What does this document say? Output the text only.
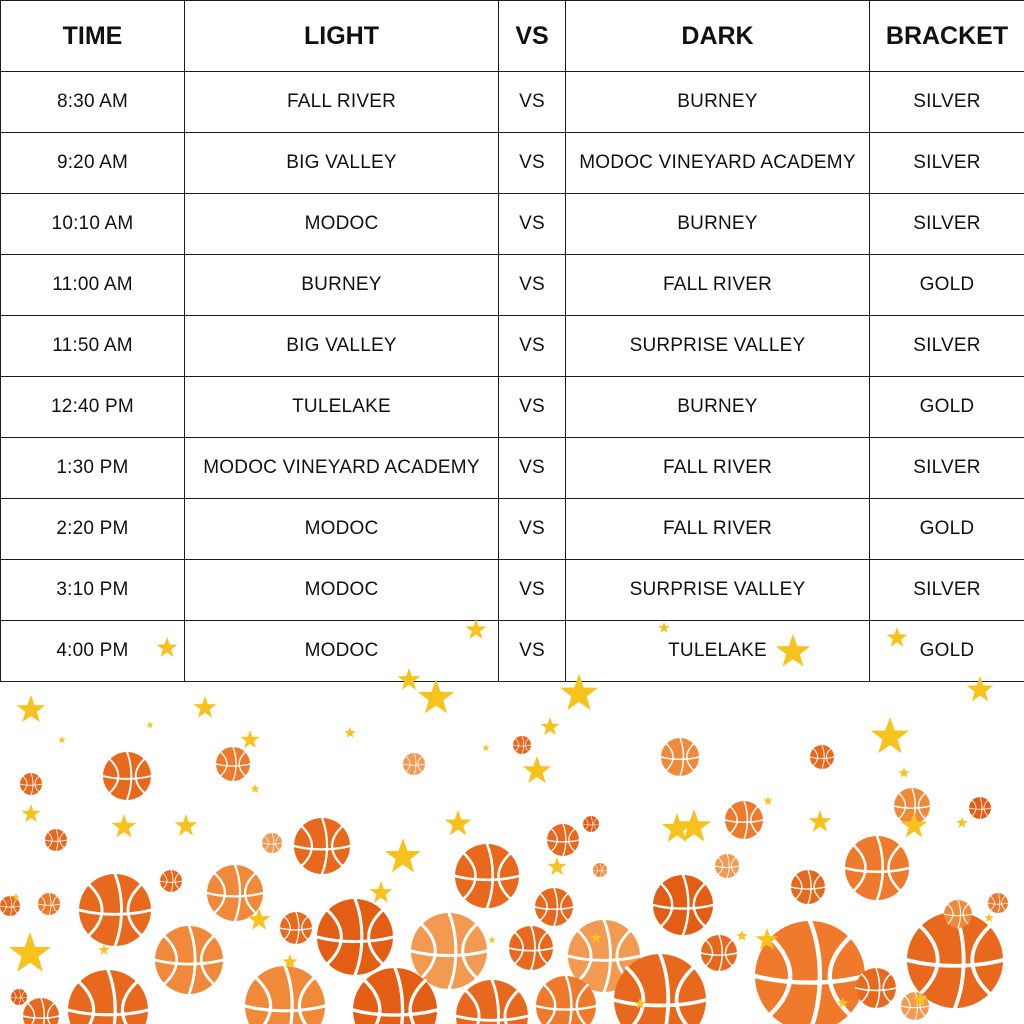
TIME	LIGHT	VS	DARK	BRACKET
8:30 AM	FALL RIVER	VS	BURNEY	SILVER
9:20 AM	BIG VALLEY	VS	MODOC VINEYARD ACADEMY	SILVER
10:10 AM	MODOC	VS	BURNEY	SILVER
11:00 AM	BURNEY	VS	FALL RIVER	GOLD
11:50 AM	BIG VALLEY	VS	SURPRISE VALLEY	SILVER
12:40 PM	TULELAKE	VS	BURNEY	GOLD
1:30 PM	MODOC VINEYARD ACADEMY	VS	FALL RIVER	SILVER
2:20 PM	MODOC	VS	FALL RIVER	GOLD
3:10 PM	MODOC	VS	SURPRISE VALLEY	SILVER
4:00 PM	MODOC	VS	TULELAKE	GOLD
